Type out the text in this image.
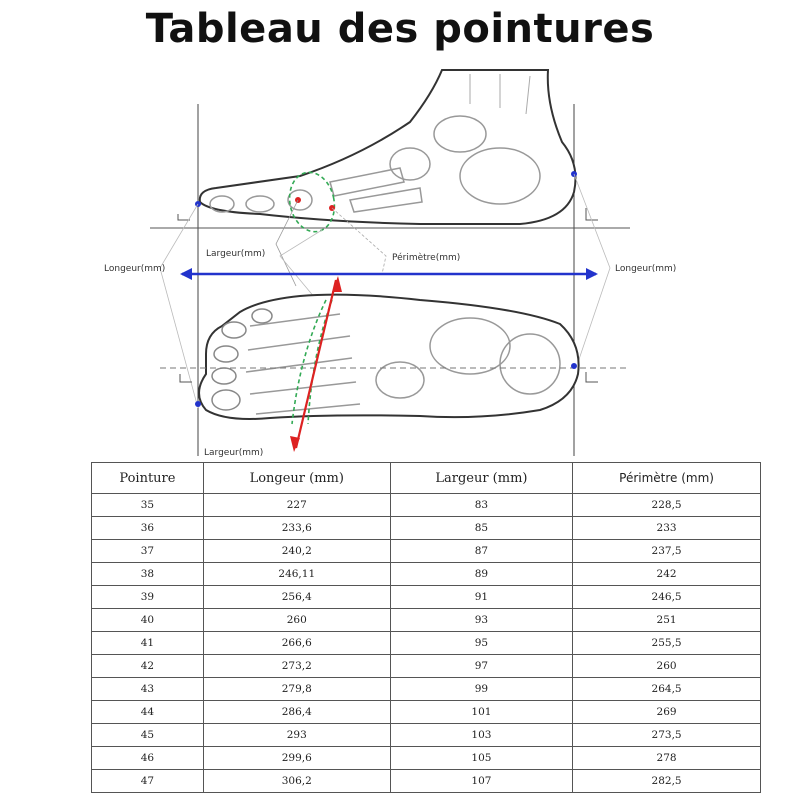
Tableau des pointures
Longeur(mm)	Longeur(mm)
Largeur(mm)	Périmètre(mm)
Largeur(mm)
Pointure	Longeur (mm)	Largeur (mm)	Périmètre (mm)
35	227	83	228,5
36	233,6	85	233
37	240,2	87	237,5
38	246,11	89	242
39	256,4	91	246,5
40	260	93	251
41	266,6	95	255,5
42	273,2	97	260
43	279,8	99	264,5
44	286,4	101	269
45	293	103	273,5
46	299,6	105	278
47	306,2	107	282,5
